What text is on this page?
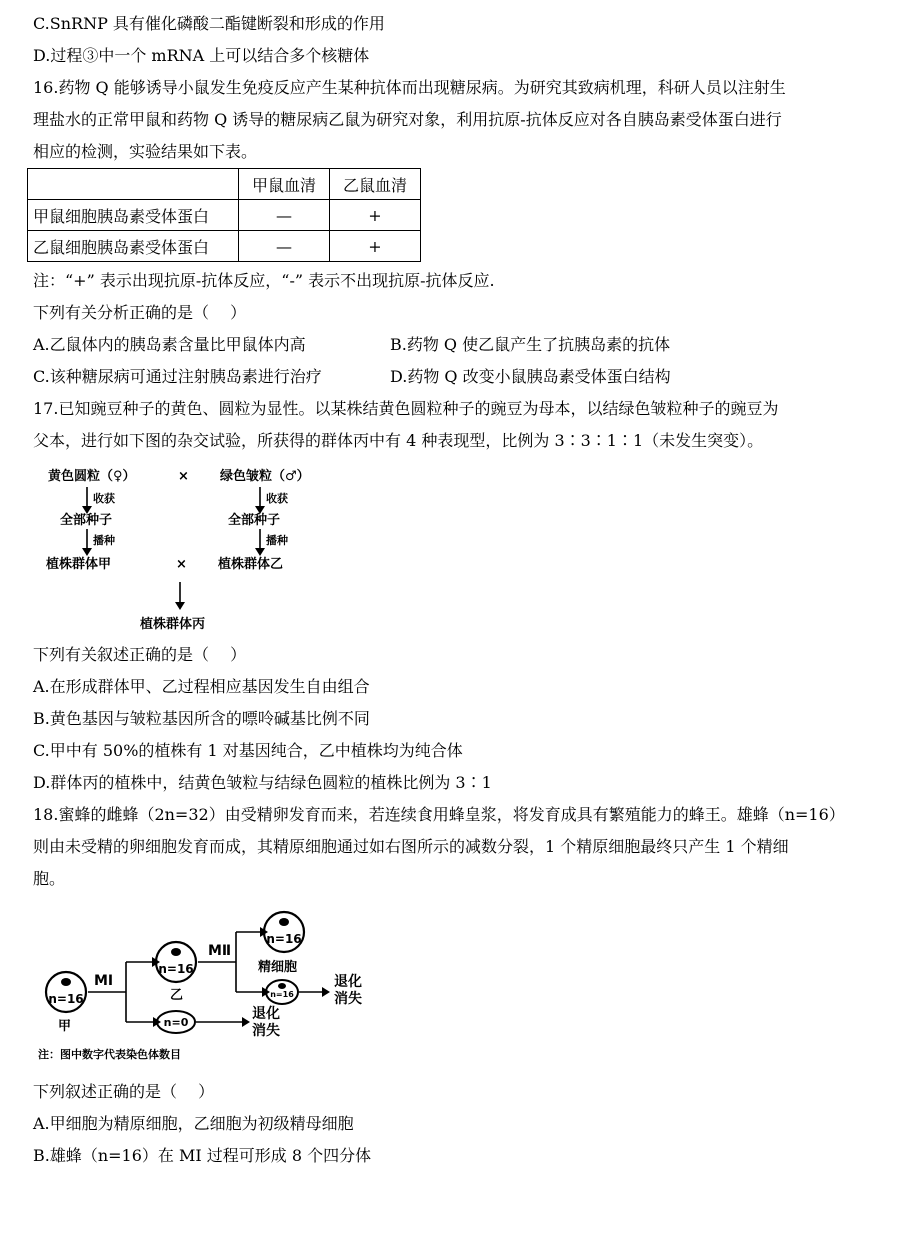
C.SnRNP 具有催化磷酸二酯键断裂和形成的作用
D.过程③中一个 mRNA 上可以结合多个核糖体
16.药物 Q 能够诱导小鼠发生免疫反应产生某种抗体而出现糖尿病。为研究其致病机理，科研人员以注射生
理盐水的正常甲鼠和药物 Q 诱导的糖尿病乙鼠为研究对象，利用抗原-抗体反应对各自胰岛素受体蛋白进行
相应的检测，实验结果如下表。
	甲鼠血清	乙鼠血清
甲鼠细胞胰岛素受体蛋白	—	+
乙鼠细胞胰岛素受体蛋白	—	+
注：“+” 表示出现抗原-抗体反应，“-” 表示不出现抗原-抗体反应.
下列有关分析正确的是（　 ）
A.乙鼠体内的胰岛素含量比甲鼠体内高	B.药物 Q 使乙鼠产生了抗胰岛素的抗体
C.该种糖尿病可通过注射胰岛素进行治疗	D.药物 Q 改变小鼠胰岛素受体蛋白结构
17.已知豌豆种子的黄色、圆粒为显性。以某株结黄色圆粒种子的豌豆为母本，以结绿色皱粒种子的豌豆为
父本，进行如下图的杂交试验，所获得的群体丙中有 4 种表现型，比例为 3∶3∶1∶1（未发生突变）。
黄色圆粒（♀）	× 绿色皱粒（♂）
收获	收获
播种	播种
全部种子	全部种子
植株群体甲	× 植株群体乙
植株群体丙
下列有关叙述正确的是（　 ）
A.在形成群体甲、乙过程相应基因发生自由组合
B.黄色基因与皱粒基因所含的嘌呤碱基比例不同
C.甲中有 50%的植株有 1 对基因纯合，乙中植株均为纯合体
D.群体丙的植株中，结黄色皱粒与结绿色圆粒的植株比例为 3∶1
18.蜜蜂的雌蜂（2n=32）由受精卵发育而来，若连续食用蜂皇浆，将发育成具有繁殖能力的蜂王。雄蜂（n=16）
则由未受精的卵细胞发育而成，其精原细胞通过如右图所示的减数分裂，1 个精原细胞最终只产生 1 个精细
胞。
n=16
n=16
n=0
n=16
n=16
MⅠ
MⅡ
甲
乙
精细胞
退化
消失
退化
消失
注：图中数字代表染色体数目
下列叙述正确的是（　 ）
A.甲细胞为精原细胞，乙细胞为初级精母细胞
B.雄蜂（n=16）在 MI 过程可形成 8 个四分体
